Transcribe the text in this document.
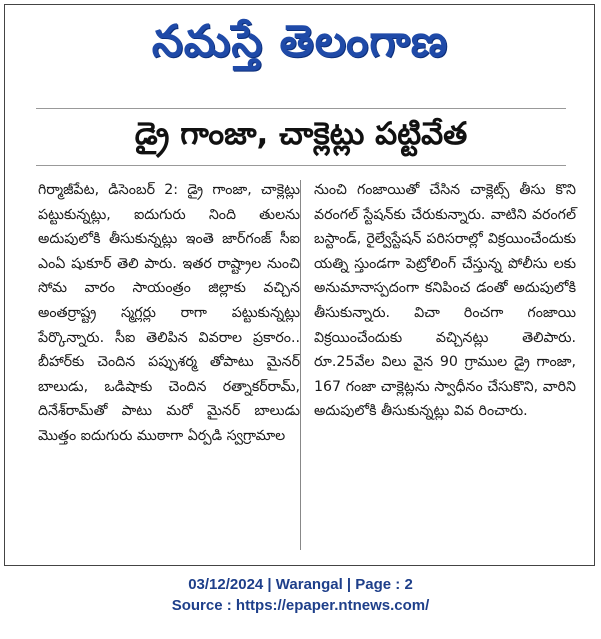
నమస్తే తెలంగాణ
డ్రై గాంజా, చాక్లెట్లు పట్టివేత
గిర్మాజీపేట, డిసెంబర్ 2: డ్రై గాంజా, చాక్లెట్లు పట్టుకున్నట్లు, ఐదుగురు నింది తులను అదుపులోకి తీసుకున్నట్లు ఇంతె జార్‌గంజ్ సీఐ ఎంఏ షుకూర్ తెలి పారు. ఇతర రాష్ట్రాల నుంచి సోమ వారం సాయంత్రం జిల్లాకు వచ్చిన అంతర్రాష్ట్ర స్మగ్లర్లు రాగా పట్టుకున్నట్లు పేర్కొన్నారు. సీఐ తెలిపిన వివరాల ప్రకారం.. బీహార్‌కు చెందిన పప్పుశర్మ తోపాటు మైనర్ బాలుడు, ఒడిషాకు చెందిన రత్నాకర్‌రామ్, దినేశ్‌రామ్‌తో పాటు మరో మైనర్ బాలుడు మొత్తం ఐదుగురు ముఠాగా ఏర్పడి స్వగ్రామాల
నుంచి గంజాయితో చేసిన చాక్లెట్స్ తీసు కొని వరంగల్ స్టేషన్‌కు చేరుకున్నారు. వాటిని వరంగల్ బస్టాండ్, రైల్వేస్టేషన్ పరిసరాల్లో విక్రయించేందుకు యత్ని స్తుండగా పెట్రోలింగ్ చేస్తున్న పోలీసు లకు అనుమానాస్పదంగా కనిపించ డంతో అదుపులోకి తీసుకున్నారు. విచా రించగా గంజాయి విక్రయించేందుకు వచ్చినట్లు తెలిపారు. రూ.25వేల విలు వైన 90 గ్రాముల డ్రై గాంజా, 167 గంజా చాక్లెట్లను స్వాధీనం చేసుకొని, వారిని అదుపులోకి తీసుకున్నట్లు వివ రించారు.
03/12/2024 | Warangal | Page : 2
Source : https://epaper.ntnews.com/
